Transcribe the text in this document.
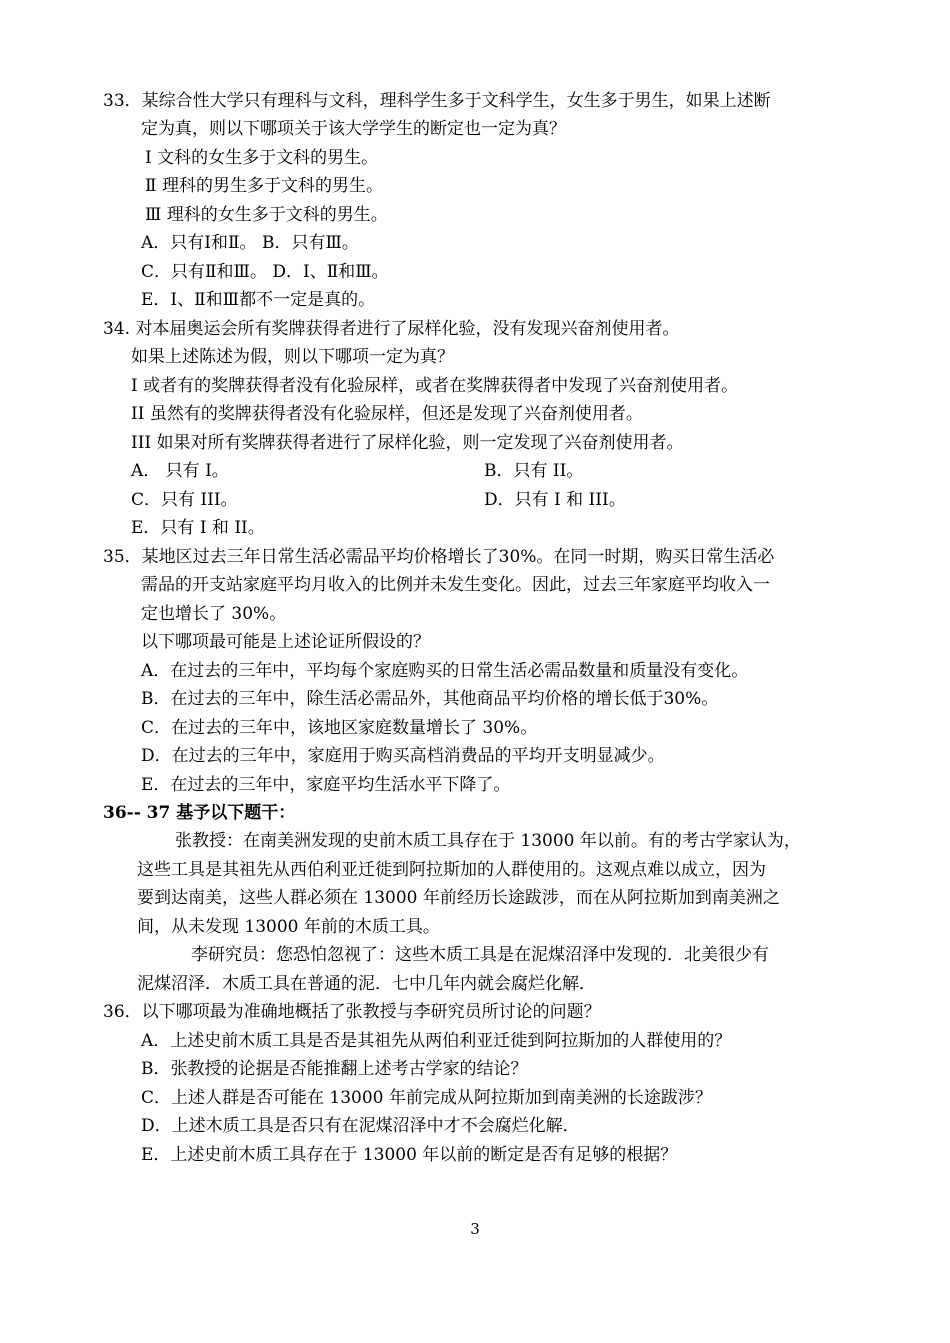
33．某综合性大学只有理科与文科，理科学生多于文科学生，女生多于男生，如果上述断
定为真，则以下哪项关于该大学学生的断定也一定为真？
Ⅰ 文科的女生多于文科的男生。
Ⅱ 理科的男生多于文科的男生。
Ⅲ 理科的女生多于文科的男生。
A．只有Ⅰ和Ⅱ。 B．只有Ⅲ。
C．只有Ⅱ和Ⅲ。 D．Ⅰ、Ⅱ和Ⅲ。
E．Ⅰ、Ⅱ和Ⅲ都不一定是真的。
34. 对本届奥运会所有奖牌获得者进行了尿样化验，没有发现兴奋剂使用者。
如果上述陈述为假，则以下哪项一定为真？
I 或者有的奖牌获得者没有化验尿样，或者在奖牌获得者中发现了兴奋剂使用者。
II 虽然有的奖牌获得者没有化验尿样，但还是发现了兴奋剂使用者。
III 如果对所有奖牌获得者进行了尿样化验，则一定发现了兴奋剂使用者。
A． 只有 I。	B．只有 II。
C．只有 III。	D．只有 I 和 III。
E．只有 I 和 II。
35．某地区过去三年日常生活必需品平均价格增长了30%。在同一时期，购买日常生活必
需品的开支站家庭平均月收入的比例并未发生变化。因此，过去三年家庭平均收入一
定也增长了 30%。
以下哪项最可能是上述论证所假设的？
A．在过去的三年中，平均每个家庭购买的日常生活必需品数量和质量没有变化。
B．在过去的三年中，除生活必需品外，其他商品平均价格的增长低于30%。
C．在过去的三年中，该地区家庭数量增长了 30%。
D．在过去的三年中，家庭用于购买高档消费品的平均开支明显减少。
E．在过去的三年中，家庭平均生活水平下降了。
36-- 37 基予以下题干：
张教授：在南美洲发现的史前木质工具存在于 13000 年以前。有的考古学家认为，
这些工具是其祖先从西伯利亚迁徙到阿拉斯加的人群使用的。这观点难以成立，因为
要到达南美，这些人群必须在 13000 年前经历长途跋涉，而在从阿拉斯加到南美洲之
间，从未发现 13000 年前的木质工具。
李研究员：您恐怕忽视了：这些木质工具是在泥煤沼泽中发现的．北美很少有
泥煤沼泽．木质工具在普通的泥．七中几年内就会腐烂化解．
36．以下哪项最为准确地概括了张教授与李研究员所讨论的问题？
A．上述史前木质工具是否是其祖先从两伯利亚迁徙到阿拉斯加的人群使用的？
B．张教授的论据是否能推翻上述考古学家的结论？
C．上述人群是否可能在 13000 年前完成从阿拉斯加到南美洲的长途跋涉？
D．上述木质工具是否只有在泥煤沼泽中才不会腐烂化解．
E．上述史前木质工具存在于 13000 年以前的断定是否有足够的根据？
3
